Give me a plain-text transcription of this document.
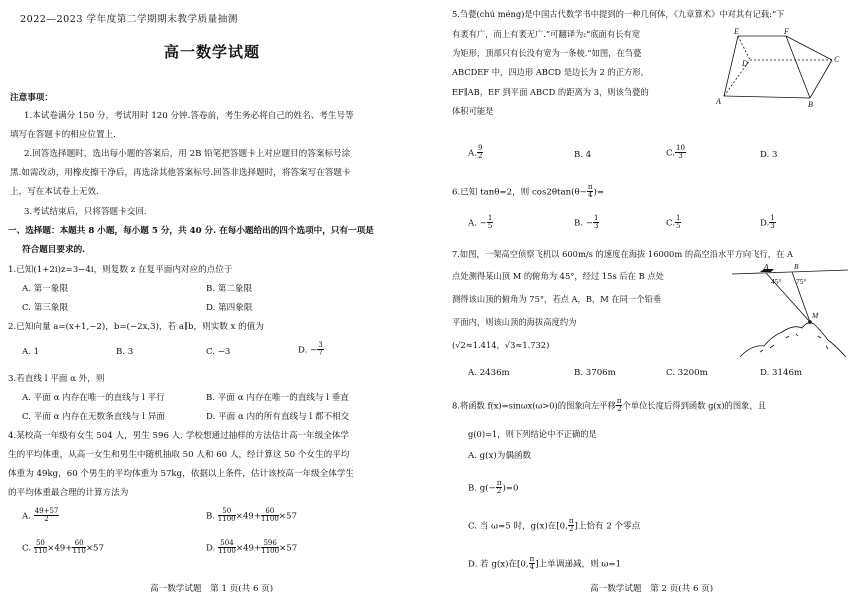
2022—2023 学年度第二学期期末教学质量抽测
高一数学试题
注意事项：
1.本试卷满分 150 分，考试用时 120 分钟.答卷前，考生务必将自己的姓名、考生号等
填写在答题卡的相应位置上.
2.回答选择题时，选出每小题的答案后，用 2B 铅笔把答题卡上对应题目的答案标号涂
黑.如需改动，用橡皮擦干净后，再选涂其他答案标号.回答非选择题时，将答案写在答题卡
上，写在本试卷上无效.
3.考试结束后，只将答题卡交回.
一、选择题：本题共 8 小题，每小题 5 分，共 40 分. 在每小题给出的四个选项中，只有一项是
符合题目要求的.
1.已知(1+2i)z=3−4i，则复数 z 在复平面内对应的点位于
A. 第一象限	B. 第二象限
C. 第三象限	D. 第四象限
2.已知向量 a=(x+1,−2)，b=(−2x,3)，若 a∥b，则实数 x 的值为
A. 1	B. 3	C. −3	D. − $\frac{3}{7}$
3.若直线 l 平面 α 外，则
A. 平面 α 内存在唯一的直线与 l 平行	B. 平面 α 内存在唯一的直线与 l 垂直
C. 平面 α 内存在无数条直线与 l 异面	D. 平面 α 内的所有直线与 l 都不相交
4.某校高一年级有女生 504 人，男生 596 人. 学校想通过抽样的方法估计高一年级全体学
生的平均体重，从高一女生和男生中随机抽取 50 人和 60 人，经计算这 50 个女生的平均
体重为 49kg，60 个男生的平均体重为 57kg，依据以上条件，估计该校高一年级全体学生
的平均体重最合理的计算方法为
A. $\frac{49+57}{2}$	B. $\frac{50}{1100} \times 49+ \frac{60}{1100} \times 57$
C. $\frac{50}{110} \times 49+ \frac{60}{110} \times 57$	D. $\frac{504}{1100} \times 49+ \frac{596}{1100} \times 57$
高一数学试题　第 1 页(共 6 页)
5.刍甍(chú méng)是中国古代数学书中提到的一种几何体，《九章算术》中对其有记载:“下
有袤有广，而上有袤无广.”可翻译为:“底面有长有宽
为矩形，顶部只有长没有宽为一条棱.”如图，在刍甍
ABCDEF 中，四边形 ABCD 是边长为 2 的正方形，
EF∥AB，EF 到平面 ABCD 的距离为 3，则该刍甍的
体积可能是
E	F
D	C
A	B
A. $\frac{9}{2}$	B. 4	C. $\frac{10}{3}$	D. 3
6.已知 tanθ=2，则 $\cos 2\theta\tan(\theta- \frac{\pi}{4}$ )=
A. − $\frac{1}{5}$	B. − $\frac{1}{3}$	C. $\frac{1}{5}$	D. $\frac{1}{3}$
7.如图，一架高空侦察飞机以 600m/s 的速度在海拔 16000m 的高空沿水平方向飞行，在 A
点处测得某山顶 M 的俯角为 45°，经过 15s 后在 B 点处
测得该山顶的俯角为 75°，若点 A，B，M 在同一个铅垂
平面内，则该山顶的海拔高度约为
(√2≈1.414，√3≈1.732)
A	B
45° 75°
M
A. 2436m	B. 3706m	C. 3200m	D. 3146m
8.将函数 f(x)=sinωx(ω>0)的图象向左平移 $\frac{\pi}{2}$ 个单位长度后得到函数 g(x)的图象，且
g(0)=1，则下列结论中不正确的是
A. g(x)为偶函数
B. $g(- \frac{\pi}{2} )=0$
C. 当 ω=5 时，g(x)在[0, $\frac{\pi}{2}$ ]上恰有 2 个零点
D. 若 g(x)在[0, $\frac{\pi}{4}$ ]上单调递减，则 ω=1
高一数学试题　第 2 页(共 6 页)
